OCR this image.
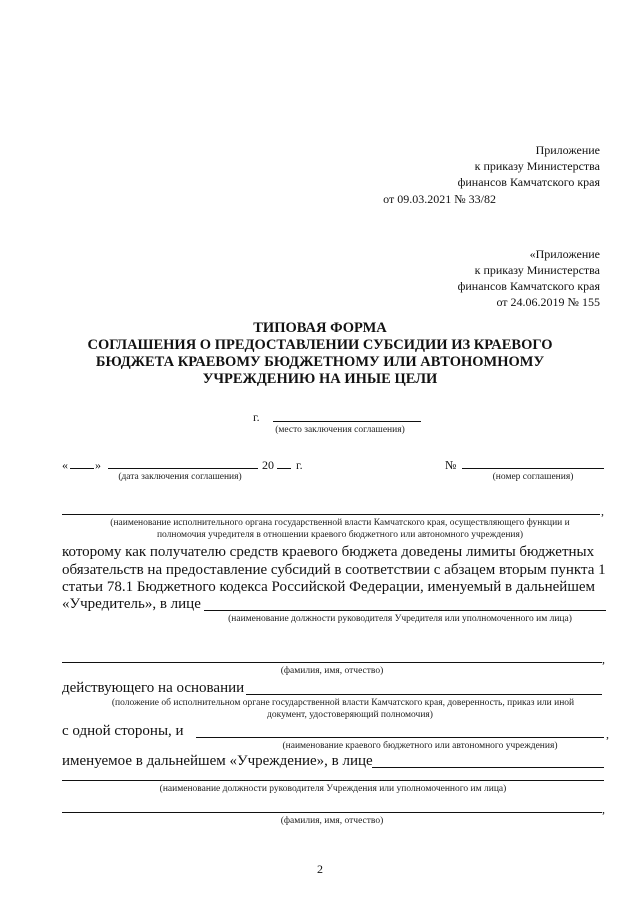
Приложение
к приказу Министерства
финансов Камчатского края
от 09.03.2021 № 33/82
«Приложение
к приказу Министерства
финансов Камчатского края
от 24.06.2019 № 155
ТИПОВАЯ ФОРМА
СОГЛАШЕНИЯ О ПРЕДОСТАВЛЕНИИ СУБСИДИИ ИЗ КРАЕВОГО
БЮДЖЕТА КРАЕВОМУ БЮДЖЕТНОМУ ИЛИ АВТОНОМНОМУ
УЧРЕЖДЕНИЮ НА ИНЫЕ ЦЕЛИ
г.
(место заключения соглашения)
« »	20 г.
(дата заключения соглашения)
№
(номер соглашения)
,
(наименование исполнительного органа государственной власти Камчатского края, осуществляющего функции и
полномочия учредителя в отношении краевого бюджетного или автономного учреждения)
которому как получателю средств краевого бюджета доведены лимиты бюджетных
обязательств на предоставление субсидий в соответствии с абзацем вторым пункта 1
статьи 78.1 Бюджетного кодекса Российской Федерации, именуемый в дальнейшем
«Учредитель», в лице
(наименование должности руководителя Учредителя или уполномоченного им лица)
,
(фамилия, имя, отчество)
действующего на основании
(положение об исполнительном органе государственной власти Камчатского края, доверенность, приказ или иной
документ, удостоверяющий полномочия)
с одной стороны, и	,
(наименование краевого бюджетного или автономного учреждения)
именуемое в дальнейшем «Учреждение», в лице
(наименование должности руководителя Учреждения или уполномоченного им лица)
,
(фамилия, имя, отчество)
2
